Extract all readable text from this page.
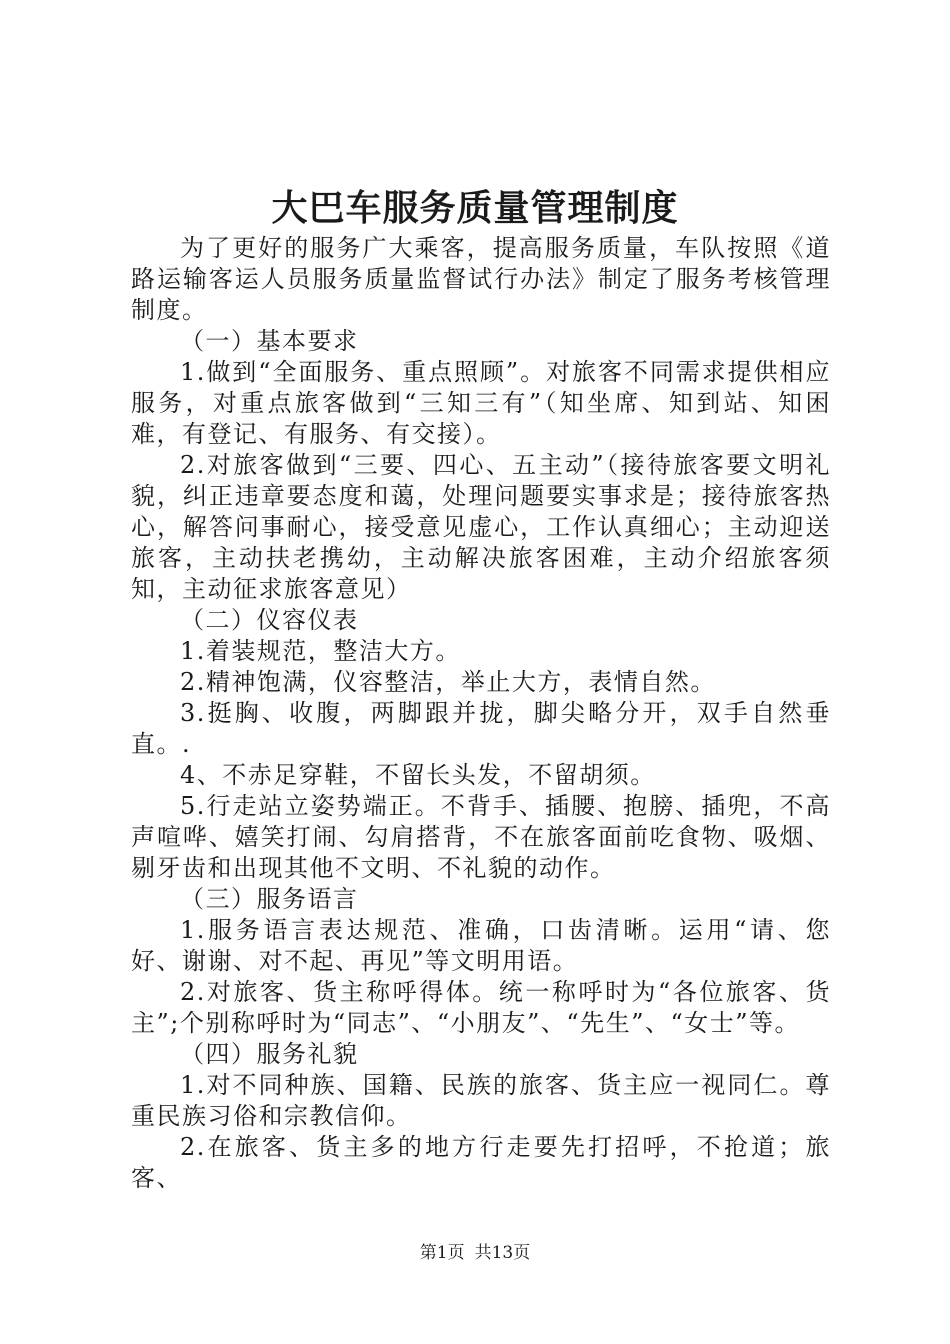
大巴车服务质量管理制度

为了更好的服务广大乘客，提高服务质量，车队按照《道路运输客运人员服务质量监督试行办法》制定了服务考核管理制度。

（一）基本要求

1.做到“全面服务、重点照顾”。对旅客不同需求提供相应服务，对重点旅客做到“三知三有”（知坐席、知到站、知困难，有登记、有服务、有交接）。

2.对旅客做到“三要、四心、五主动”（接待旅客要文明礼貌，纠正违章要态度和蔼，处理问题要实事求是；接待旅客热心，解答问事耐心，接受意见虚心，工作认真细心；主动迎送旅客，主动扶老携幼，主动解决旅客困难，主动介绍旅客须知，主动征求旅客意见）

（二）仪容仪表

1.着装规范，整洁大方。

2.精神饱满，仪容整洁，举止大方，表情自然。

3.挺胸、收腹，两脚跟并拢，脚尖略分开，双手自然垂直。.

4、不赤足穿鞋，不留长头发，不留胡须。

5.行走站立姿势端正。不背手、插腰、抱膀、插兜，不高声喧哗、嬉笑打闹、勾肩搭背，不在旅客面前吃食物、吸烟、剔牙齿和出现其他不文明、不礼貌的动作。

（三）服务语言

1.服务语言表达规范、准确，口齿清晰。运用“请、您好、谢谢、对不起、再见”等文明用语。

2.对旅客、货主称呼得体。统一称呼时为“各位旅客、货主”;个别称呼时为“同志”、“小朋友”、“先生”、“女士”等。

（四）服务礼貌

1.对不同种族、国籍、民族的旅客、货主应一视同仁。尊重民族习俗和宗教信仰。

2.在旅客、货主多的地方行走要先打招呼，不抢道；旅客、

第1页 共13页
